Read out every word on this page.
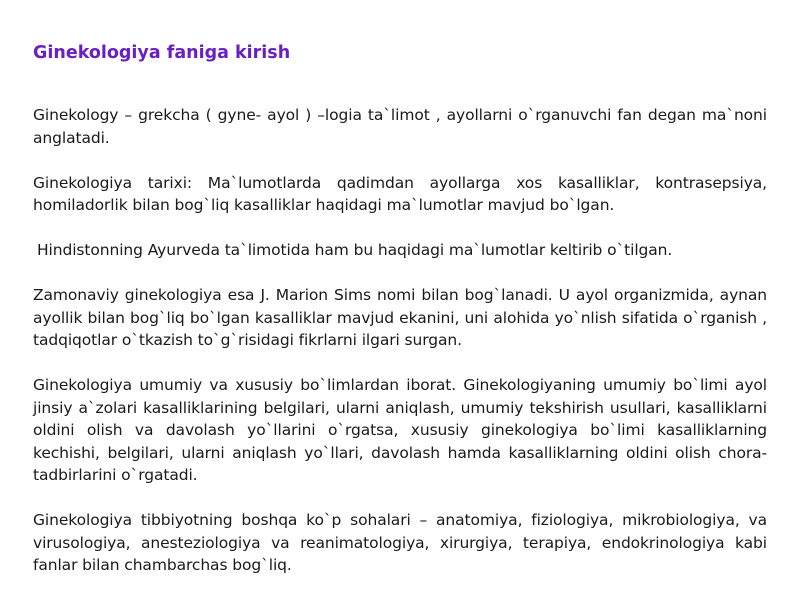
Ginekologiya faniga kirish

Ginekology – grekcha ( gyne- ayol ) –logia ta`limot , ayollarni o`rganuvchi fan degan ma`noni anglatadi.

Ginekologiya tarixi: Ma`lumotlarda qadimdan ayollarga xos kasalliklar, kontrasepsiya, homiladorlik bilan bog`liq kasalliklar haqidagi ma`lumotlar mavjud bo`lgan.

Hindistonning Ayurveda ta`limotida ham bu haqidagi ma`lumotlar keltirib o`tilgan.

Zamonaviy ginekologiya esa J. Marion Sims nomi bilan bog`lanadi. U ayol organizmida, aynan ayollik bilan bog`liq bo`lgan kasalliklar mavjud ekanini, uni alohida yo`nlish sifatida o`rganish , tadqiqotlar o`tkazish to`g`risidagi fikrlarni ilgari surgan.

Ginekologiya umumiy va xususiy bo`limlardan iborat. Ginekologiyaning umumiy bo`limi ayol jinsiy a`zolari kasalliklarining belgilari, ularni aniqlash, umumiy tekshirish usullari, kasalliklarni oldini olish va davolash yo`llarini o`rgatsa, xususiy ginekologiya bo`limi kasalliklarning kechishi, belgilari, ularni aniqlash yo`llari, davolash hamda kasalliklarning oldini olish chora-tadbirlarini o`rgatadi.

Ginekologiya tibbiyotning boshqa ko`p sohalari – anatomiya, fiziologiya, mikrobiologiya, va virusologiya, anesteziologiya va reanimatologiya, xirurgiya, terapiya, endokrinologiya kabi fanlar bilan chambarchas bog`liq.
